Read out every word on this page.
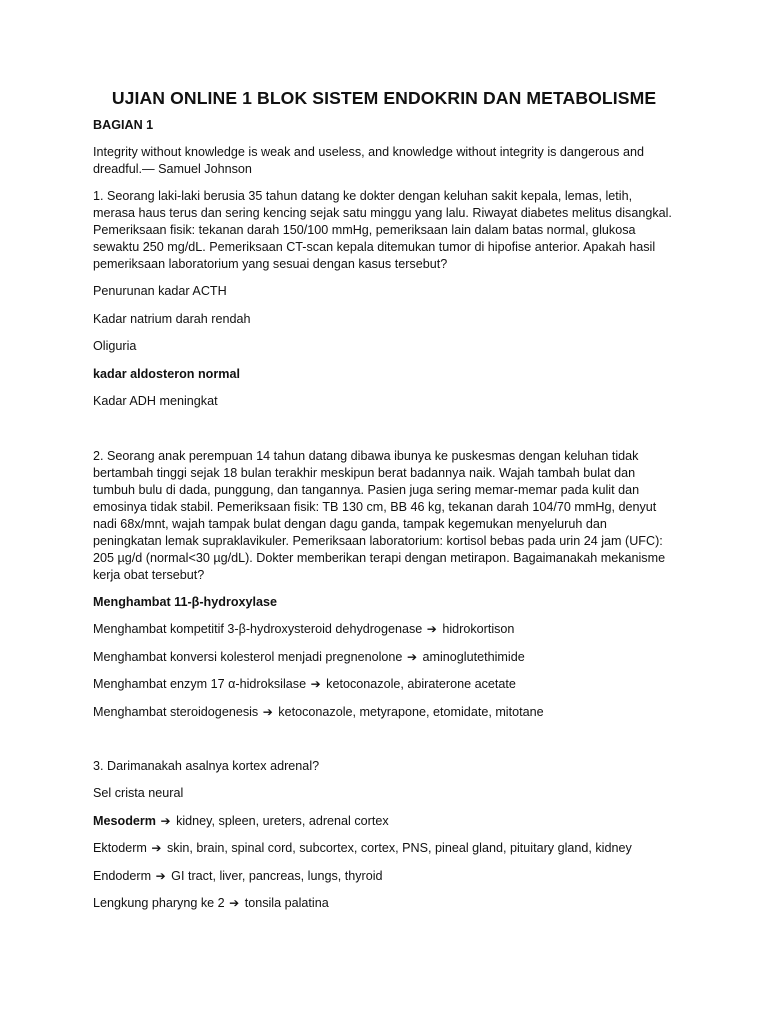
UJIAN ONLINE 1 BLOK SISTEM ENDOKRIN DAN METABOLISME
BAGIAN 1
Integrity without knowledge is weak and useless, and knowledge without integrity is dangerous and dreadful.— Samuel Johnson
1. Seorang laki-laki berusia 35 tahun datang ke dokter dengan keluhan sakit kepala, lemas, letih, merasa haus terus dan sering kencing sejak satu minggu yang lalu. Riwayat diabetes melitus disangkal. Pemeriksaan fisik: tekanan darah 150/100 mmHg, pemeriksaan lain dalam batas normal, glukosa sewaktu 250 mg/dL. Pemeriksaan CT-scan kepala ditemukan tumor di hipofise anterior. Apakah hasil pemeriksaan laboratorium yang sesuai dengan kasus tersebut?
Penurunan kadar ACTH
Kadar natrium darah rendah
Oliguria
kadar aldosteron normal
Kadar ADH meningkat
2. Seorang anak perempuan 14 tahun datang dibawa ibunya ke puskesmas dengan keluhan tidak bertambah tinggi sejak 18 bulan terakhir meskipun berat badannya naik. Wajah tambah bulat dan tumbuh bulu di dada, punggung, dan tangannya. Pasien juga sering memar-memar pada kulit dan emosinya tidak stabil. Pemeriksaan fisik: TB 130 cm, BB 46 kg, tekanan darah 104/70 mmHg, denyut nadi 68x/mnt, wajah tampak bulat dengan dagu ganda, tampak kegemukan menyeluruh dan peningkatan lemak supraklavikuler. Pemeriksaan laboratorium: kortisol bebas pada urin 24 jam (UFC): 205 µg/d (normal<30 µg/dL). Dokter memberikan terapi dengan metirapon. Bagaimanakah mekanisme kerja obat tersebut?
Menghambat 11-β-hydroxylase
Menghambat kompetitif 3-β-hydroxysteroid dehydrogenase ➔ hidrokortison
Menghambat konversi kolesterol menjadi pregnenolone ➔ aminoglutethimide
Menghambat enzym 17 α-hidroksilase ➔ ketoconazole, abiraterone acetate
Menghambat steroidogenesis ➔ ketoconazole, metyrapone, etomidate, mitotane
3. Darimanakah asalnya kortex adrenal?
Sel crista neural
Mesoderm ➔ kidney, spleen, ureters, adrenal cortex
Ektoderm ➔ skin, brain, spinal cord, subcortex, cortex, PNS, pineal gland, pituitary gland, kidney
Endoderm ➔ GI tract, liver, pancreas, lungs, thyroid
Lengkung pharyng ke 2 ➔ tonsila palatina
